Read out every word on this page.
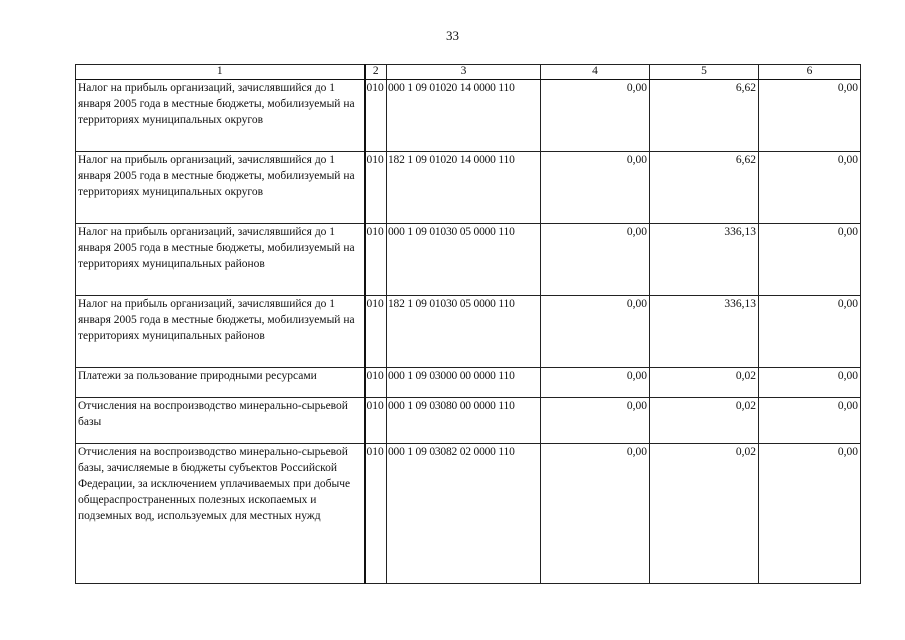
33
1	2	3	4	5	6
Налог на прибыль организаций, зачислявшийся до 1 января 2005 года в местные бюджеты, мобилизуемый на территориях муниципальных округов	010	000 1 09 01020 14 0000 110	0,00	6,62	0,00
Налог на прибыль организаций, зачислявшийся до 1 января 2005 года в местные бюджеты, мобилизуемый на территориях муниципальных округов	010	182 1 09 01020 14 0000 110	0,00	6,62	0,00
Налог на прибыль организаций, зачислявшийся до 1 января 2005 года в местные бюджеты, мобилизуемый на территориях муниципальных районов	010	000 1 09 01030 05 0000 110	0,00	336,13	0,00
Налог на прибыль организаций, зачислявшийся до 1 января 2005 года в местные бюджеты, мобилизуемый на территориях муниципальных районов	010	182 1 09 01030 05 0000 110	0,00	336,13	0,00
Платежи за пользование природными ресурсами	010	000 1 09 03000 00 0000 110	0,00	0,02	0,00
Отчисления на воспроизводство минерально-сырьевой базы	010	000 1 09 03080 00 0000 110	0,00	0,02	0,00
Отчисления на воспроизводство минерально-сырьевой базы, зачисляемые в бюджеты субъектов Российской Федерации, за исключением уплачиваемых при добыче общераспространенных полезных ископаемых и подземных вод, используемых для местных нужд	010	000 1 09 03082 02 0000 110	0,00	0,02	0,00
